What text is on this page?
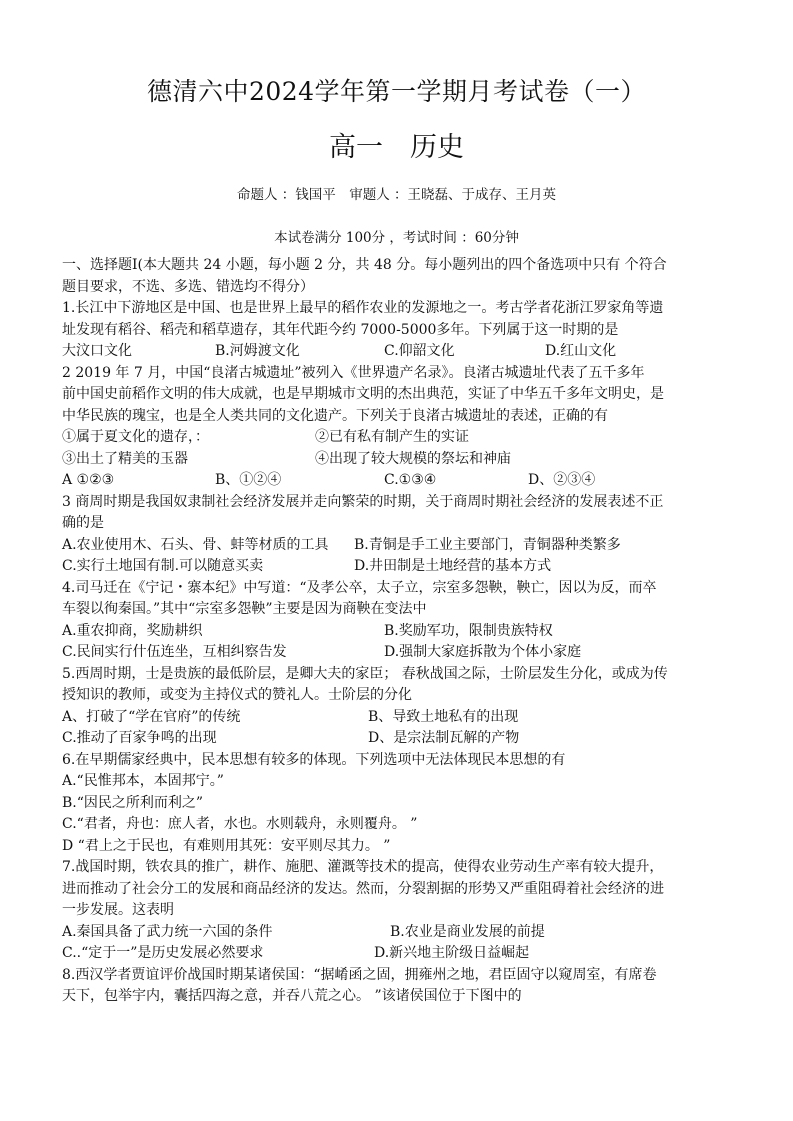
德清六中2024学年第一学期月考试卷（一）
高一　历史
命题人 ：钱国平　审题人 ：王晓磊、于成存、王月英
本试卷满分 100分 ，考试时间 ：60分钟
一、选择题Ⅰ(本大题共 24 小题，每小题 2 分，共 48 分。每小题列出的四个备选项中只有 个符合
题目要求，不选、多选、错选均不得分）
1.长江中下游地区是中国、也是世界上最早的稻作农业的发源地之一。考古学者花浙江罗家角等遗
址发现有稻谷、稻壳和稻草遗存，其年代距今约 7000-5000多年。下列属于这一时期的是
大汶口文化	B.河姆渡文化	C.仰韶文化	D.红山文化
2 2019 年 7 月，中国“良渚古城遗址”被列入《世界遗产名录》。良渚古城遗址代表了五千多年
前中国史前稻作文明的伟大成就，也是早期城市文明的杰出典范，实证了中华五千多年文明史，是
中华民族的瑰宝，也是全人类共同的文化遗产。下列关于良渚古城遗址的表述，正确的有
①属于夏文化的遗存，：	②已有私有制产生的实证
③出土了精美的玉器	④出现了较大规模的祭坛和神庙
A ①②③	B、①②④	C.①③④	D、②③④
3 商周时期是我国奴隶制社会经济发展并走向繁荣的时期，关于商周时期社会经济的发展表述不正
确的是
A.农业使用木、石头、骨、蚌等材质的工具 B.青铜是手工业主要部门，青铜器种类繁多
C.实行土地国有制.可以随意买卖	D.井田制是土地经营的基本方式
4.司马迁在《宁记・寨本纪》中写道：“及孝公卒，太子立，宗室多怨鞅，鞅亡，因以为反，而卒
车裂以徇秦国。”其中“宗室多怨鞅”主要是因为商鞅在变法中
A.重农抑商，奖励耕织	B.奖励军功，限制贵族特权
C.民间实行什伍连坐，互相纠察告发	D.强制大家庭拆散为个体小家庭
5.西周时期，士是贵族的最低阶层，是卿大夫的家臣； 春秋战国之际，士阶层发生分化，或成为传
授知识的教师，或变为主持仪式的赞礼人。士阶层的分化
A、打破了“学在官府”的传统	B、导致土地私有的出现
C.推动了百家争鸣的出现	D、是宗法制瓦解的产物
6.在早期儒家经典中，民本思想有较多的体现。下列选项中无法体现民本思想的有
A.“民惟邦本，本固邦宁。”
B.“因民之所利而利之”
C.“君者，舟也：庶人者，水也。水则载舟，永则覆舟。 ”
D “君上之于民也，有难则用其死：安平则尽其力。 ”
7.战国时期，铁农具的推广，耕作、施肥、灌溉等技术的提高，使得农业劳动生产率有较大提升，
进而推动了社会分工的发展和商品经济的发达。然而，分裂割据的形势又严重阻碍着社会经济的进
一步发展。这表明
A.秦国具备了武力统一六国的条件	B.农业是商业发展的前提
C..“定于一”是历史发展必然要求	D.新兴地主阶级日益崛起
8.西汉学者贾谊评价战国时期某诸侯国：“据崤函之固，拥雍州之地，君臣固守以窥周室，有席卷
天下，包举宇内，囊括四海之意，并吞八荒之心。 ”该诸侯国位于下图中的
